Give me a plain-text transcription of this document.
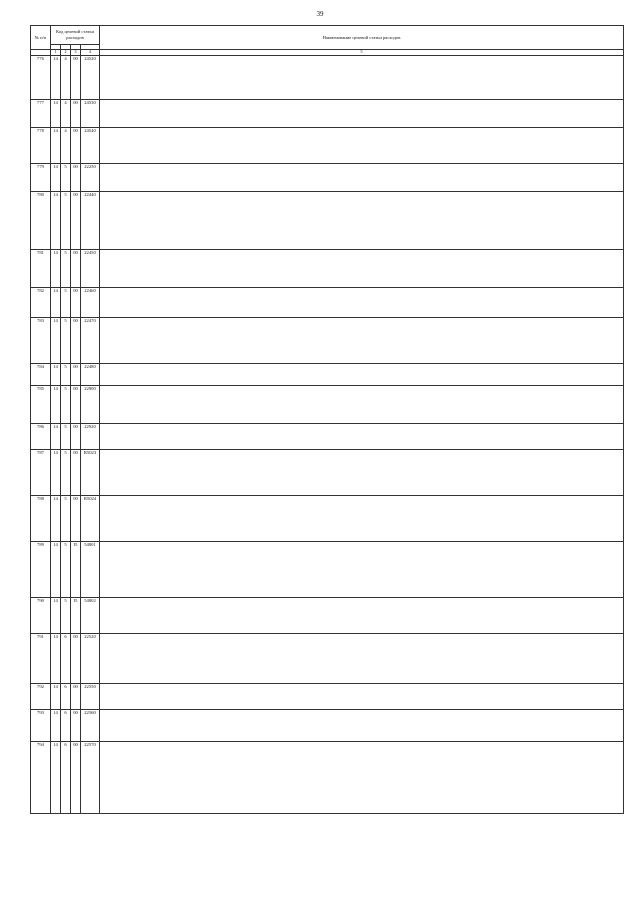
39
№ п/п	Код целевой статьи расходов				Наименование целевой статьи расходов

	1	2	3	4	5
776	14	4	00	24520	
777	14	4	00	24530	
778	14	4	00	24540	
779	14	5	00	22250	
780	14	5	00	22440	
781	14	5	00	22450	
782	14	5	00	22460	
783	14	5	00	22470	
784	14	5	00	22480	
785	14	5	00	22900	
786	14	5	00	22920	
787	14	5	00	R5023	
788	14	5	00	R5024	
789	14	5	I5	54801	
790	14	5	I5	54802	
791	14	6	00	22520	
792	14	6	00	22550	
793	14	6	00	22560	
794	14	6	00	22570	
